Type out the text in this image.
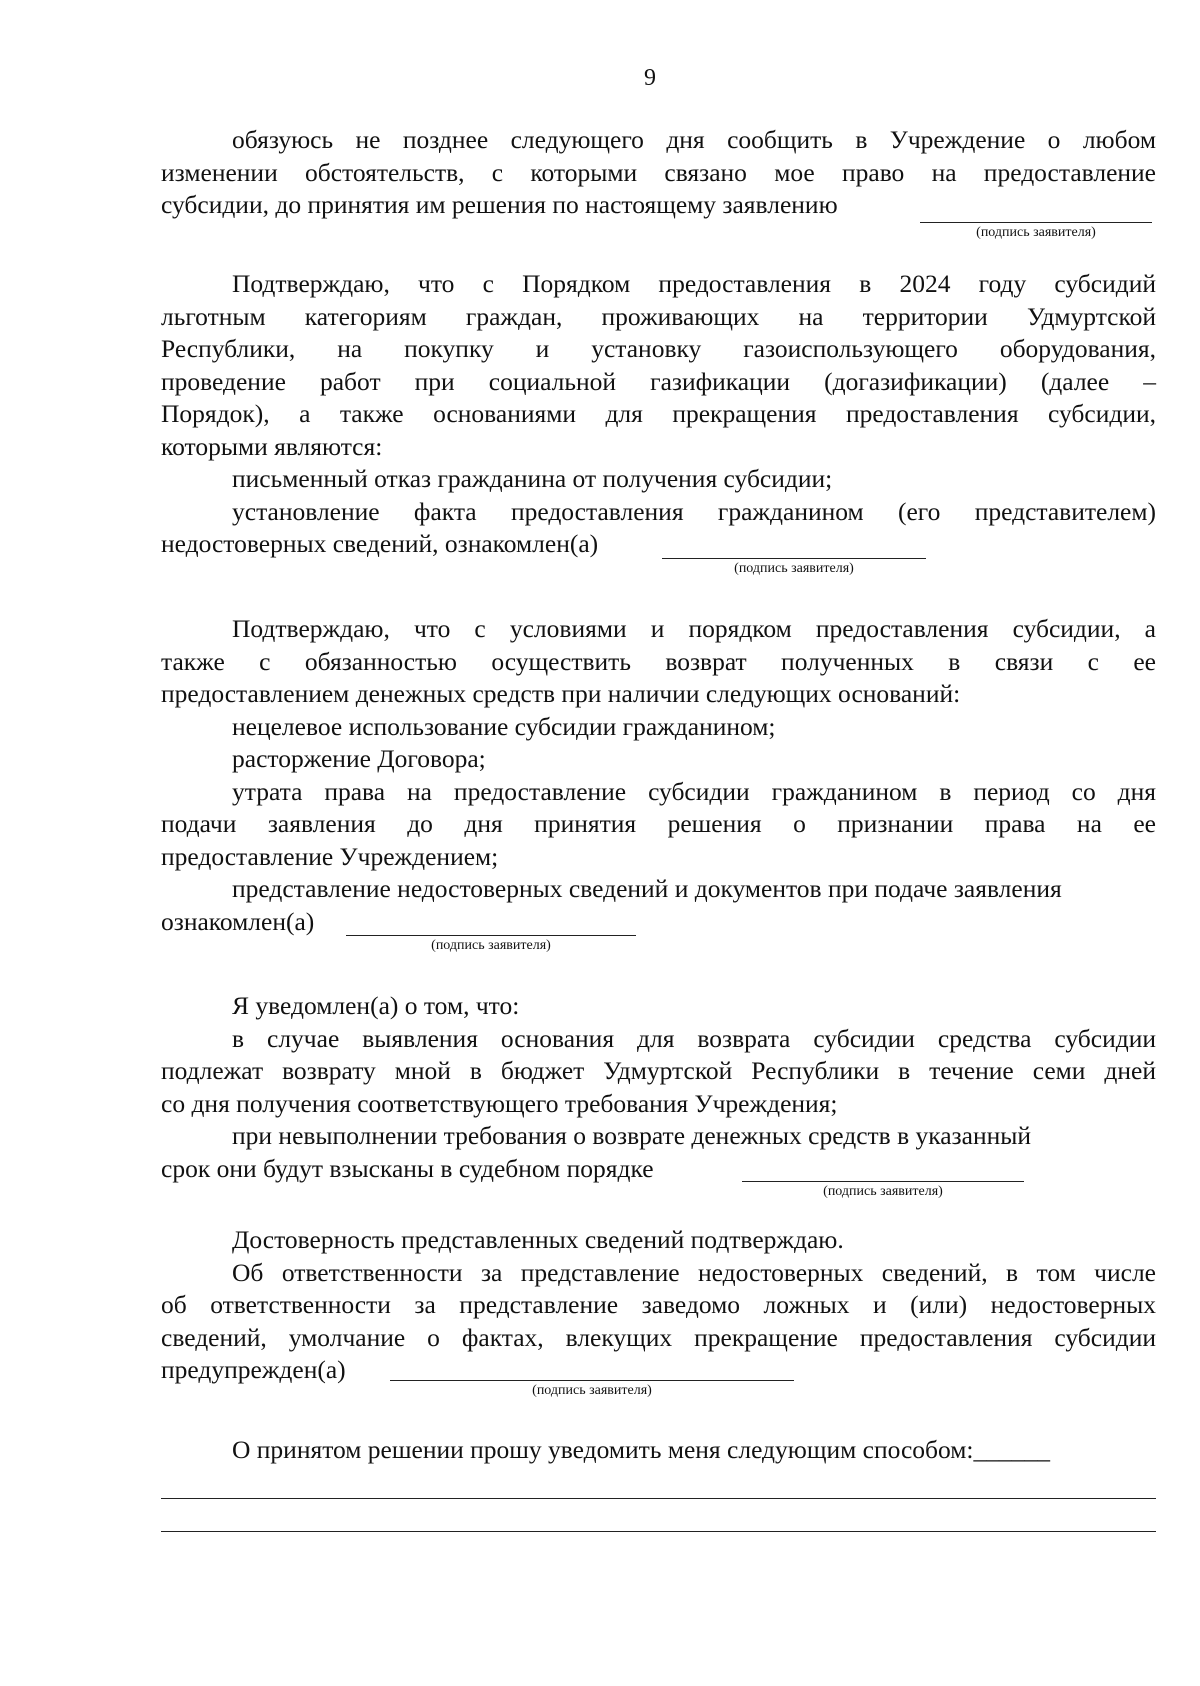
9
обязуюсь не позднее следующего дня сообщить в Учреждение о любом
изменении обстоятельств, с которыми связано мое право на предоставление
субсидии, до принятия им решения по настоящему заявлению
(подпись заявителя)
Подтверждаю, что с Порядком предоставления в 2024 году субсидий
льготным категориям граждан, проживающих на территории Удмуртской
Республики, на покупку и установку газоиспользующего оборудования,
проведение работ при социальной газификации (догазификации) (далее –
Порядок), а также основаниями для прекращения предоставления субсидии,
которыми являются:
письменный отказ гражданина от получения субсидии;
установление факта предоставления гражданином (его представителем)
недостоверных сведений, ознакомлен(а)
(подпись заявителя)
Подтверждаю, что с условиями и порядком предоставления субсидии, а
также с обязанностью осуществить возврат полученных в связи с ее
предоставлением денежных средств при наличии следующих оснований:
нецелевое использование субсидии гражданином;
расторжение Договора;
утрата права на предоставление субсидии гражданином в период со дня
подачи заявления до дня принятия решения о признании права на ее
предоставление Учреждением;
представление недостоверных сведений и документов при подаче заявления
ознакомлен(а)
(подпись заявителя)
Я уведомлен(а) о том, что:
в случае выявления основания для возврата субсидии средства субсидии
подлежат возврату мной в бюджет Удмуртской Республики в течение семи дней
со дня получения соответствующего требования Учреждения;
при невыполнении требования о возврате денежных средств в указанный
срок они будут взысканы в судебном порядке
(подпись заявителя)
Достоверность представленных сведений подтверждаю.
Об ответственности за представление недостоверных сведений, в том числе
об ответственности за представление заведомо ложных и (или) недостоверных
сведений, умолчание о фактах, влекущих прекращение предоставления субсидии
предупрежден(а)
(подпись заявителя)
О принятом решении прошу уведомить меня следующим способом:______
